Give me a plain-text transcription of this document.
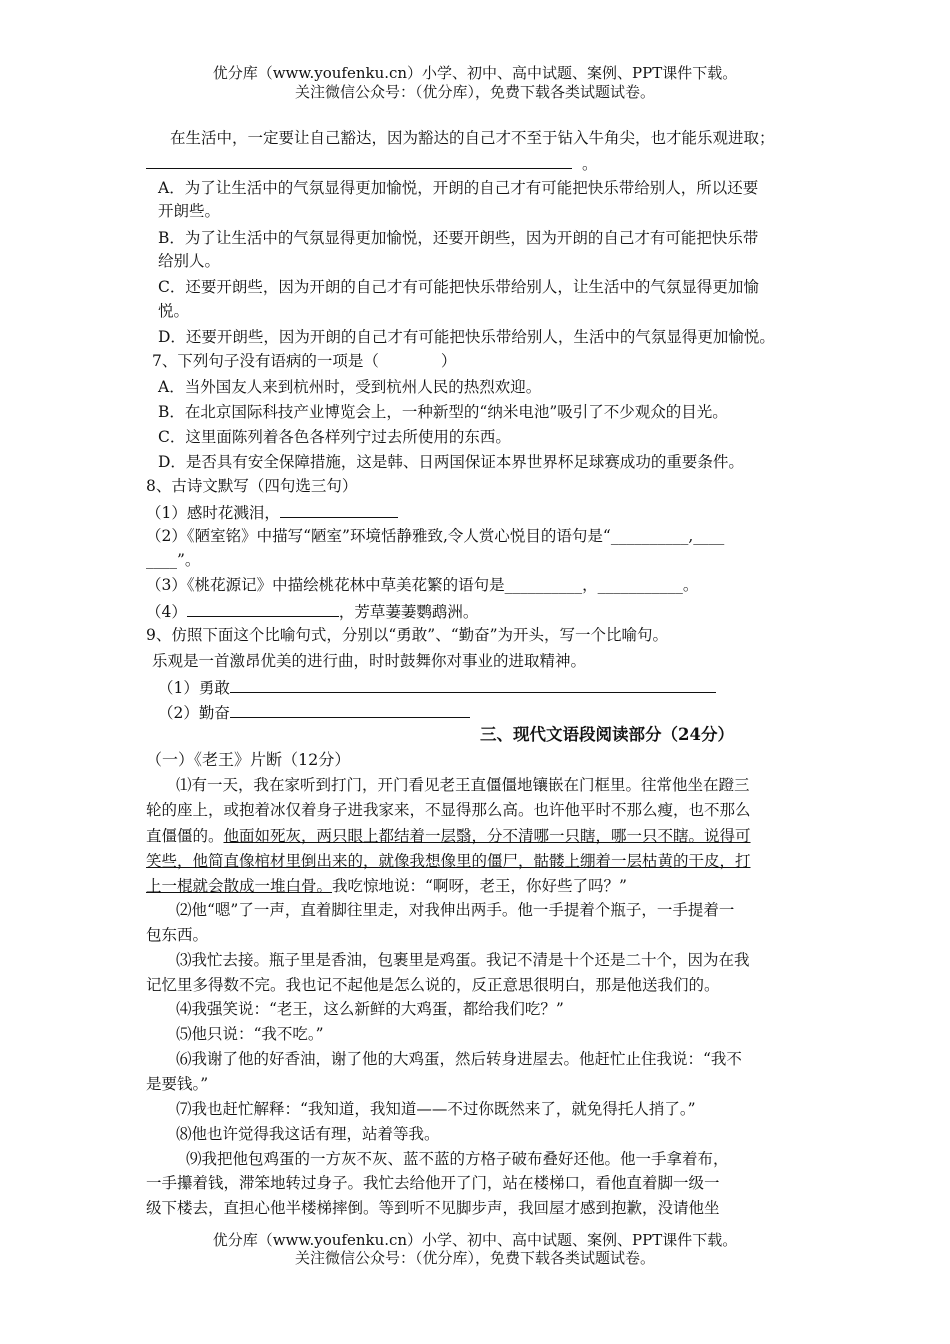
优分库（www.youfenku.cn）小学、初中、高中试题、案例、PPT课件下载。
关注微信公众号：（优分库），免费下载各类试题试卷。
在生活中，一定要让自己豁达，因为豁达的自己才不至于钻入牛角尖，也才能乐观进取；
。
A．为了让生活中的气氛显得更加愉悦，开朗的自己才有可能把快乐带给别人，所以还要
开朗些。
B．为了让生活中的气氛显得更加愉悦，还要开朗些，因为开朗的自己才有可能把快乐带
给别人。
C．还要开朗些，因为开朗的自己才有可能把快乐带给别人，让生活中的气氛显得更加愉
悦。
D．还要开朗些，因为开朗的自己才有可能把快乐带给别人，生活中的气氛显得更加愉悦。
7、下列句子没有语病的一项是（　　　　）
A．当外国友人来到杭州时，受到杭州人民的热烈欢迎。
B．在北京国际科技产业博览会上，一种新型的“纳米电池”吸引了不少观众的目光。
C．这里面陈列着各色各样列宁过去所使用的东西。
D．是否具有安全保障措施，这是韩、日两国保证本界世界杯足球赛成功的重要条件。
8、古诗文默写（四句选三句）
（1）感时花溅泪，
（2）《陋室铭》中描写“陋室”环境恬静雅致,令人赏心悦目的语句是“__________,____
____”。
（3）《桃花源记》中描绘桃花林中草美花繁的语句是__________，___________。
（4）	，芳草萋萋鹦鹉洲。
9、仿照下面这个比喻句式，分别以“勇敢”、“勤奋”为开头，写一个比喻句。
乐观是一首激昂优美的进行曲，时时鼓舞你对事业的进取精神。
（1）勇敢
（2）勤奋
三、现代文语段阅读部分（24分）
（一）《老王》片断（12分）
⑴有一天，我在家听到打门，开门看见老王直僵僵地镶嵌在门框里。往常他坐在蹬三
轮的座上，或抱着冰仅着身子进我家来，不显得那么高。也许他平时不那么瘦，也不那么
直僵僵的。他面如死灰，两只眼上都结着一层翳，分不清哪一只瞎，哪一只不瞎。说得可
笑些，他简直像棺材里倒出来的，就像我想像里的僵尸，骷髅上绷着一层枯黄的干皮，打
上一棍就会散成一堆白骨。我吃惊地说：“啊呀，老王，你好些了吗？”
⑵他“嗯”了一声，直着脚往里走，对我伸出两手。他一手提着个瓶子，一手提着一
包东西。
⑶我忙去接。瓶子里是香油，包裹里是鸡蛋。我记不清是十个还是二十个，因为在我
记忆里多得数不完。我也记不起他是怎么说的，反正意思很明白，那是他送我们的。
⑷我强笑说：“老王，这么新鲜的大鸡蛋，都给我们吃？”
⑸他只说：“我不吃。”
⑹我谢了他的好香油，谢了他的大鸡蛋，然后转身进屋去。他赶忙止住我说：“我不
是要钱。”
⑺我也赶忙解释：“我知道，我知道——不过你既然来了，就免得托人捎了。”
⑻他也许觉得我这话有理，站着等我。
⑼我把他包鸡蛋的一方灰不灰、蓝不蓝的方格子破布叠好还他。他一手拿着布，
一手攥着钱，滞笨地转过身子。我忙去给他开了门，站在楼梯口，看他直着脚一级一
级下楼去，直担心他半楼梯摔倒。等到听不见脚步声，我回屋才感到抱歉，没请他坐
优分库（www.youfenku.cn）小学、初中、高中试题、案例、PPT课件下载。
关注微信公众号：（优分库），免费下载各类试题试卷。
